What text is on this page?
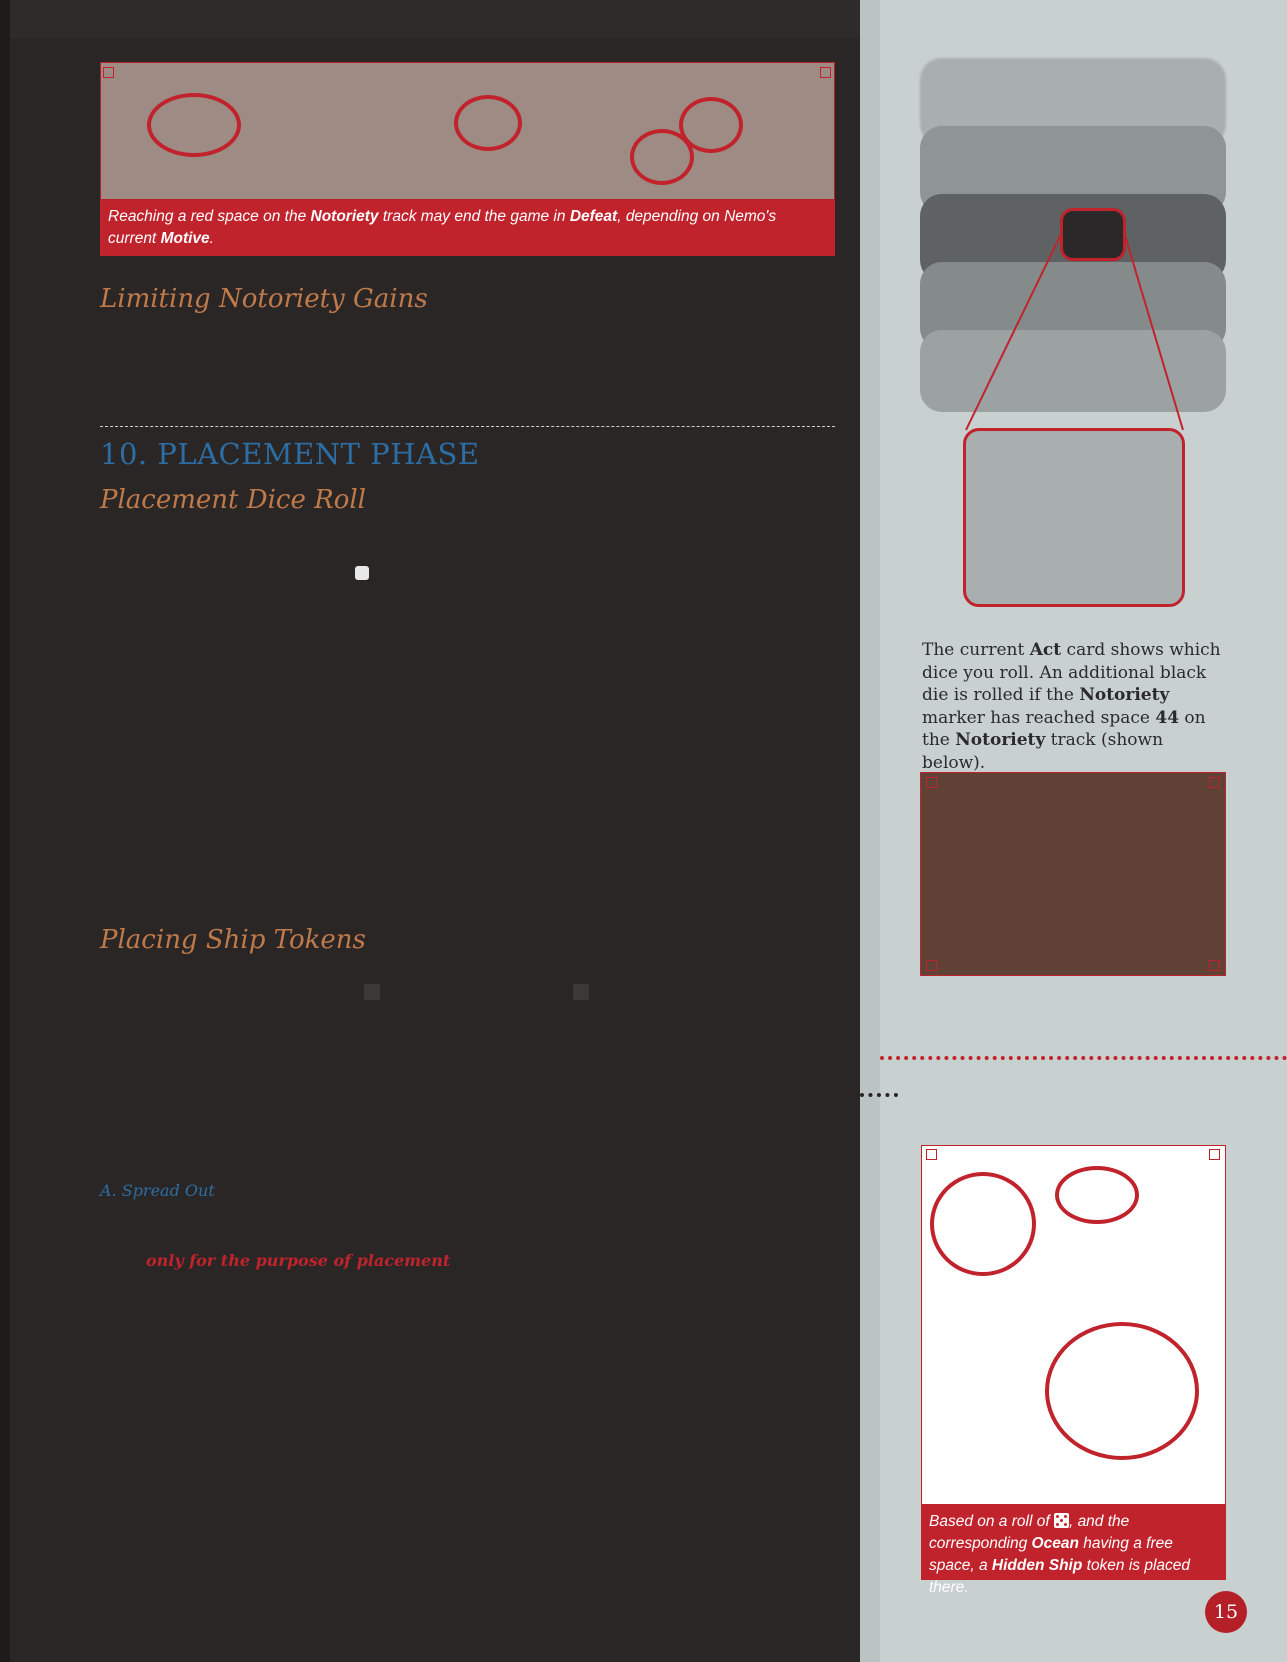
Reaching a red space on the Notoriety track may end the game in Defeat, depending on Nemo's current Motive.
Limiting Notoriety Gains
10. PLACEMENT PHASE
Placement Dice Roll
Placing Ship Tokens
A. Spread Out
only for the purpose of placement
The current Act card shows which dice you roll. An additional black die is rolled if the Notoriety marker has reached space 44 on the Notoriety track (shown below).
Based on a roll of
, and the corresponding Ocean having a free space, a Hidden Ship token is placed there.
15
